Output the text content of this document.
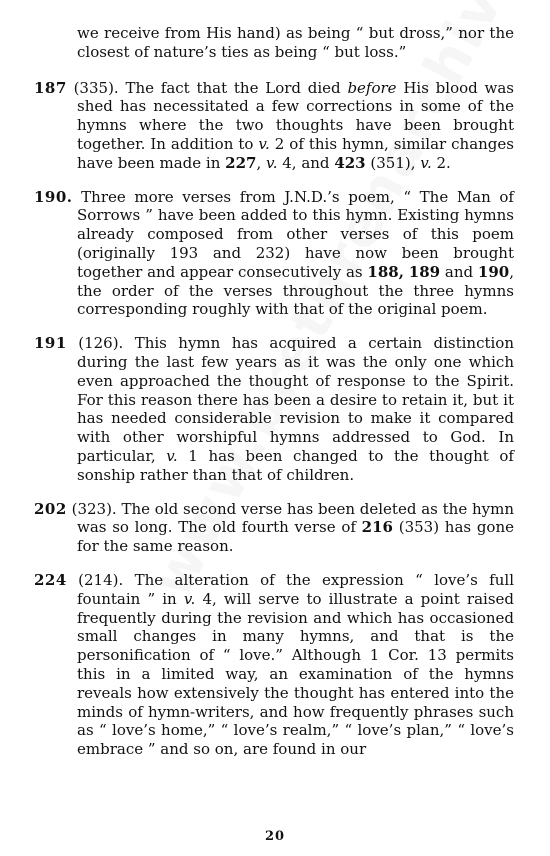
we receive from His hand) as being “ but dross,” nor the closest of nature’s ties as being “ but loss.”

187 (335). The fact that the Lord died before His blood was shed has necessitated a few corrections in some of the hymns where the two thoughts have been brought together. In addition to v. 2 of this hymn, similar changes have been made in 227, v. 4, and 423 (351), v. 2.

190. Three more verses from J.N.D.’s poem, “ The Man of Sorrows ” have been added to this hymn. Existing hymns already composed from other verses of this poem (originally 193 and 232) have now been brought together and appear consecutively as 188, 189 and 190, the order of the verses throughout the three hymns corresponding roughly with that of the original poem.

191 (126). This hymn has acquired a certain distinction during the last few years as it was the only one which even approached the thought of response to the Spirit. For this reason there has been a desire to retain it, but it has needed considerable revision to make it compared with other worshipful hymns addressed to God. In particular, v. 1 has been changed to the thought of sonship rather than that of children.

202 (323). The old second verse has been deleted as the hymn was so long. The old fourth verse of 216 (353) has gone for the same reason.

224 (214). The alteration of the expression “ love’s full fountain ” in v. 4, will serve to illustrate a point raised frequently during the revision and which has occasioned small changes in many hymns, and that is the personification of “ love.” Although 1 Cor. 13 permits this in a limited way, an examination of the hymns reveals how extensively the thought has entered into the minds of hymn-writers, and how frequently phrases such as “ love’s home,” “ love’s realm,” “ love’s plan,” “ love’s embrace ” and so on, are found in our

20
